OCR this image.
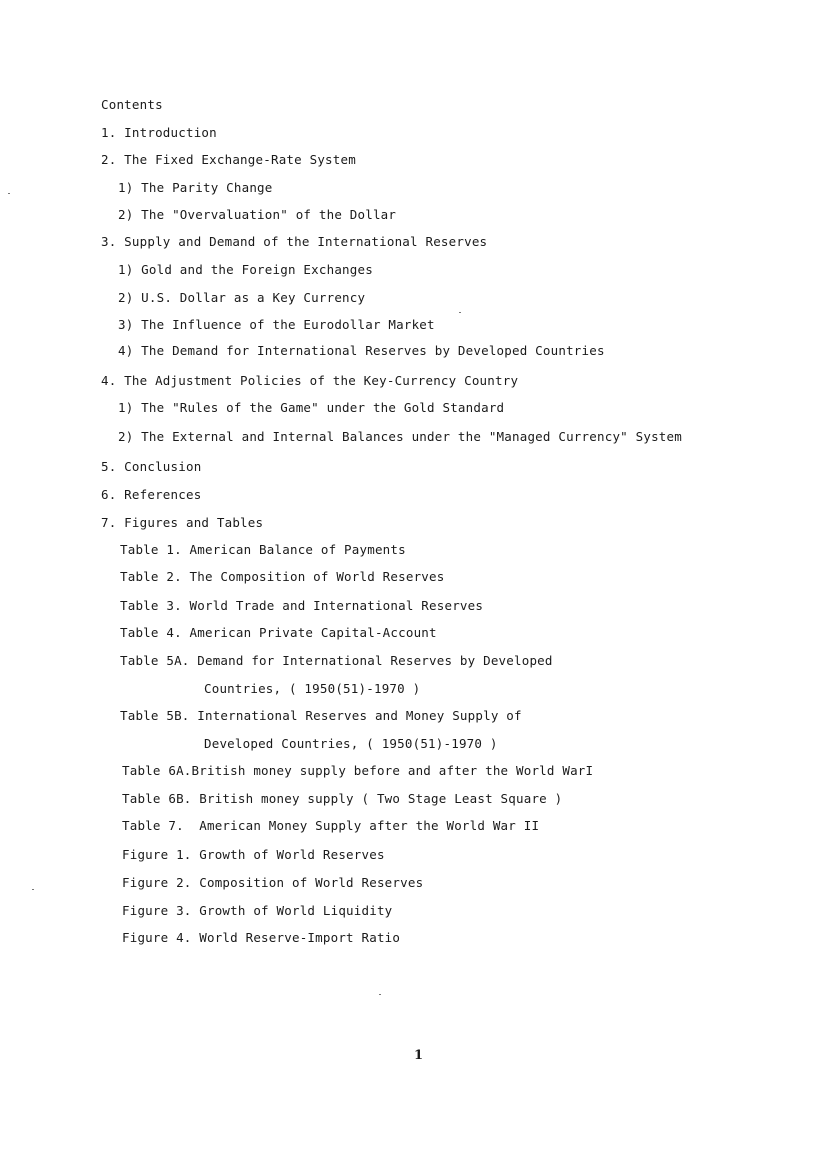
Contents
1. Introduction
2. The Fixed Exchange-Rate System
1) The Parity Change
2) The "Overvaluation" of the Dollar
3. Supply and Demand of the International Reserves
1) Gold and the Foreign Exchanges
2) U.S. Dollar as a Key Currency
3) The Influence of the Eurodollar Market
4) The Demand for International Reserves by Developed Countries
4. The Adjustment Policies of the Key-Currency Country
1) The "Rules of the Game" under the Gold Standard
2) The External and Internal Balances under the "Managed Currency" System
5. Conclusion
6. References
7. Figures and Tables
Table 1. American Balance of Payments
Table 2. The Composition of World Reserves
Table 3. World Trade and International Reserves
Table 4. American Private Capital-Account
Table 5A. Demand for International Reserves by Developed
Countries, ( 1950(51)-1970 )
Table 5B. International Reserves and Money Supply of
Developed Countries, ( 1950(51)-1970 )
Table 6A.British money supply before and after the World WarI
Table 6B. British money supply ( Two Stage Least Square )
Table 7.  American Money Supply after the World War II
Figure 1. Growth of World Reserves
Figure 2. Composition of World Reserves
Figure 3. Growth of World Liquidity
Figure 4. World Reserve-Import Ratio
1
